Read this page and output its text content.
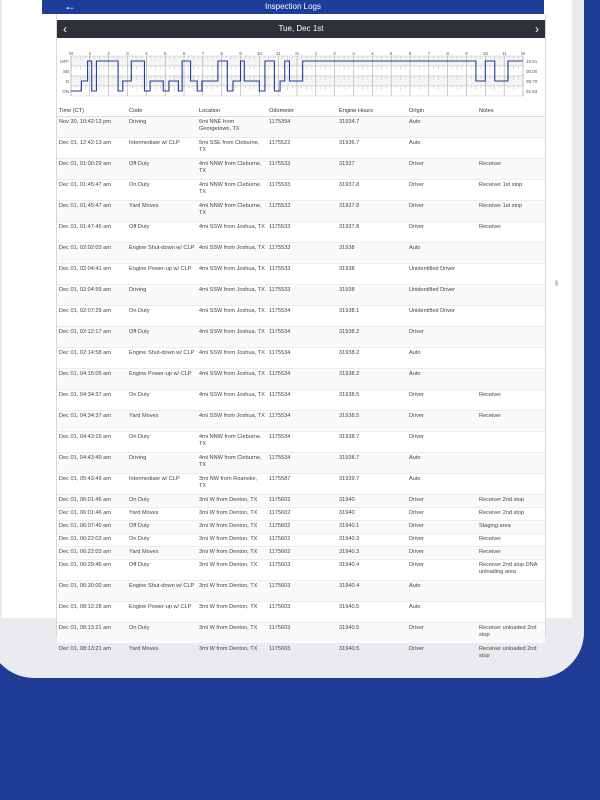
←	Inspection Logs
‹	Tue, Dec 1st	›
M	1	2	3	4	5	6	7	8	9	10	11	N	1	2	3	4	5	6	7	8	9	10	11	M
OFF
SB
D
ON
15:51
00:00
05:70
01:83
Time (CT)	Code	Location	Odometer	Engine Hours	Origin	Notes
Nov 30, 10:42:13 pm	Driving	6mi NNE from Georgetown, TX	1175394	31934.7	Auto	
Dec 01, 12:42:13 am	Intermediate w/ CLP	5mi SSE from Cleburne, TX	1175522	31936.7	Auto	
Dec 01, 01:00:29 am	Off Duty	4mi NNW from Cleburne, TX	1175533	31937	Driver	Receiver
Dec 01, 01:45:47 am	On Duty	4mi NNW from Cleburne, TX	1175533	31937.8	Driver	Receiver 1st stop
Dec 01, 01:45:47 am	Yard Moves	4mi NNW from Cleburne, TX	1175533	31937.8	Driver	Receiver 1st stop
Dec 01, 01:47:45 am	Off Duty	4mi SSW from Joshua, TX	1175533	31937.8	Driver	Receiver
Dec 01, 02:02:03 am	Engine Shut-down w/ CLP	4mi SSW from Joshua, TX	1175533	31938	Auto	
Dec 01, 02:04:41 am	Engine Power-up w/ CLP	4mi SSW from Joshua, TX	1175533	31938	Unidentified Driver	
Dec 01, 02:04:59 am	Driving	4mi SSW from Joshua, TX	1175533	31938	Unidentified Driver	
Dec 01, 02:07:29 am	On Duty	4mi SSW from Joshua, TX	1175534	31938.1	Unidentified Driver	
Dec 01, 02:12:17 am	Off Duty	4mi SSW from Joshua, TX	1175534	31938.2	Driver	
Dec 01, 02:14:58 am	Engine Shut-down w/ CLP	4mi SSW from Joshua, TX	1175534	31938.2	Auto	
Dec 01, 04:15:05 am	Engine Power-up w/ CLP	4mi SSW from Joshua, TX	1175534	31938.2	Auto	
Dec 01, 04:34:37 am	On Duty	4mi SSW from Joshua, TX	1175534	31938.5	Driver	Receiver
Dec 01, 04:34:37 am	Yard Moves	4mi SSW from Joshua, TX	1175534	31938.5	Driver	Receiver
Dec 01, 04:43:16 am	On Duty	4mi NNW from Cleburne, TX	1175534	31938.7	Driver	
Dec 01, 04:43:49 am	Driving	4mi NNW from Cleburne, TX	1175534	31938.7	Auto	
Dec 01, 05:43:49 am	Intermediate w/ CLP	3mi NW from Roanoke, TX	1175587	31939.7	Auto	
Dec 01, 06:01:46 am	On Duty	3mi W from Denton, TX	1175602	31940	Driver	Receiver 2nd stop
Dec 01, 06:01:46 am	Yard Moves	3mi W from Denton, TX	1175602	31940	Driver	Receiver 2nd stop
Dec 01, 06:07:40 am	Off Duty	3mi W from Denton, TX	1175602	31940.1	Driver	Staging area
Dec 01, 06:22:03 am	On Duty	3mi W from Denton, TX	1175602	31940.3	Driver	Receiver
Dec 01, 06:22:03 am	Yard Moves	3mi W from Denton, TX	1175602	31940.3	Driver	Receiver
Dec 01, 06:29:46 am	Off Duty	3mi W from Denton, TX	1175603	31940.4	Driver	Receiver 2nd stop DNA unloading area
Dec 01, 06:30:00 am	Engine Shut-down w/ CLP	3mi W from Denton, TX	1175603	31940.4	Auto	
Dec 01, 08:12:28 am	Engine Power-up w/ CLP	3mi W from Denton, TX	1175603	31940.5	Auto	
Dec 01, 08:13:21 am	On Duty	3mi W from Denton, TX	1175603	31940.5	Driver	Receiver unloaded 2nd stop
Dec 01, 08:13:21 am	Yard Moves	3mi W from Denton, TX	1175603	31940.5	Driver	Receiver unloaded 2nd stop
